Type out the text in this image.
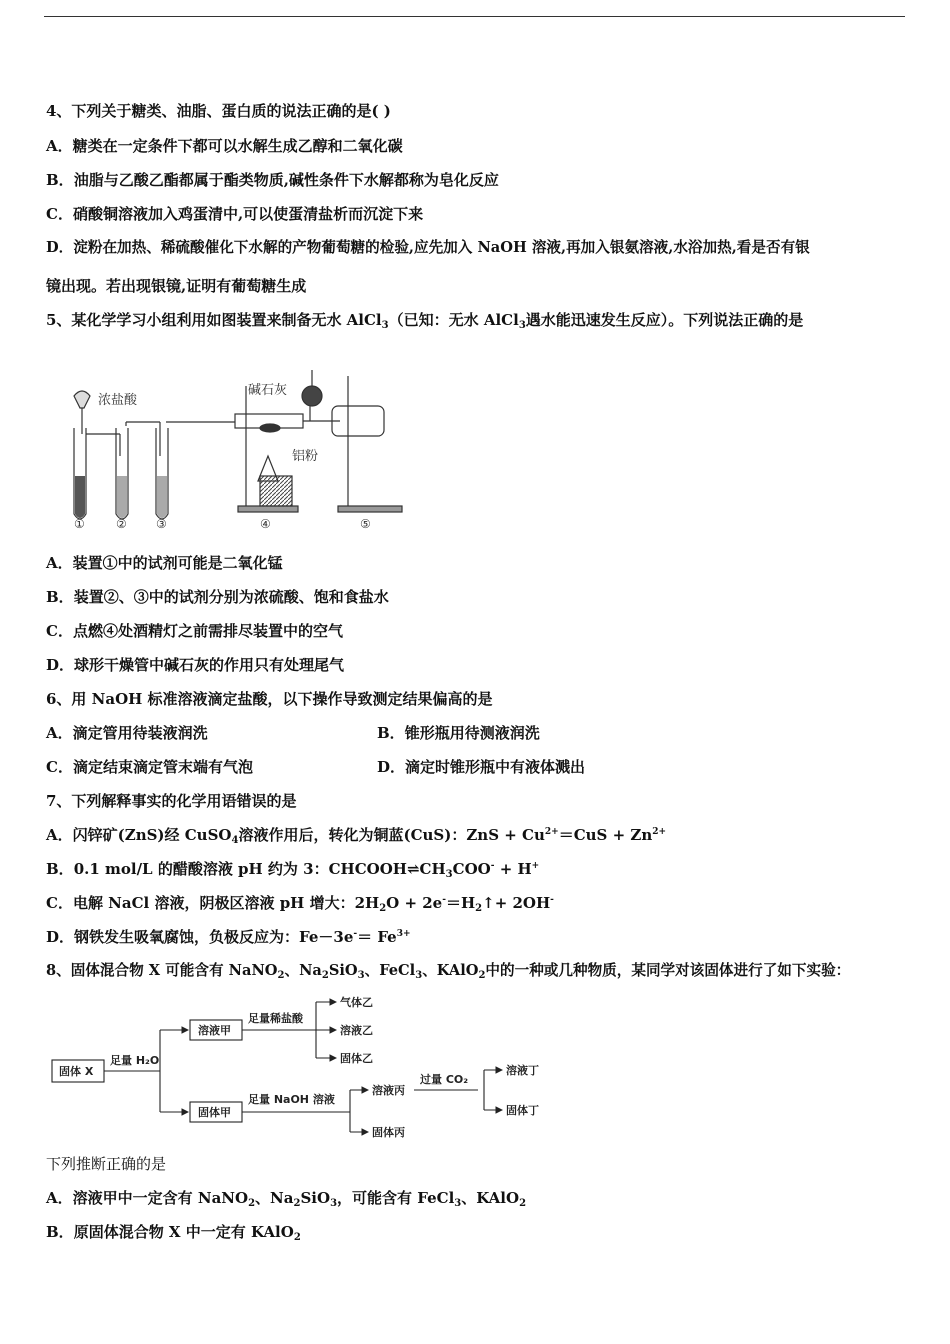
4、下列关于糖类、油脂、蛋白质的说法正确的是( )
A．糖类在一定条件下都可以水解生成乙醇和二氧化碳
B．油脂与乙酸乙酯都属于酯类物质,碱性条件下水解都称为皂化反应
C．硝酸铜溶液加入鸡蛋清中,可以使蛋清盐析而沉淀下来
D．淀粉在加热、稀硫酸催化下水解的产物葡萄糖的检验,应先加入 NaOH 溶液,再加入银氨溶液,水浴加热,看是否有银
镜出现。若出现银镜,证明有葡萄糖生成
5、某化学学习小组利用如图装置来制备无水 AlCl$_3$（已知：无水 AlCl$_3$遇水能迅速发生反应）。下列说法正确的是
浓盐酸
碱石灰
铝粉
①	② ③	④	⑤
A．装置①中的试剂可能是二氧化锰
B．装置②、③中的试剂分别为浓硫酸、饱和食盐水
C．点燃④处酒精灯之前需排尽装置中的空气
D．球形干燥管中碱石灰的作用只有处理尾气
6、用 NaOH 标准溶液滴定盐酸，以下操作导致测定结果偏高的是
A．滴定管用待装液润洗	B．锥形瓶用待测液润洗
C．滴定结束滴定管末端有气泡	D．滴定时锥形瓶中有液体溅出
7、下列解释事实的化学用语错误的是
A．闪锌矿(ZnS)经 CuSO$_4$溶液作用后，转化为铜蓝(CuS)：ZnS + $Cu^{2+}=CuS + Zn^{2+}$
B．0.1 mol/L 的醋酸溶液 pH 约为 3：$CHCOOH\rightleftharpoons CH_3COO^- + H^+$
C．电解 NaCl 溶液，阴极区溶液 pH 增大：$2H_2O$ + $2e^-=H_2↑+ 2OH^-$
D．钢铁发生吸氧腐蚀，负极反应为：$Fe-3e^-= Fe^{3+}$
8、固体混合物 X 可能含有 NaNO$_2$、$Na_2SiO_3$、FeCl$_3$、KAlO$_2$中的一种或几种物质，某同学对该固体进行了如下实验：
固体 X
足量 H₂O
溶液甲
固体甲
足量稀盐酸
气体乙
溶液乙
固体乙
足量 NaOH 溶液
溶液丙
固体丙
过量 CO₂
溶液丁
固体丁
下列推断正确的是
A．溶液甲中一定含有 NaNO$_2$、$Na_2SiO_3$，可能含有 FeCl$_3$、KAlO$_2$
B．原固体混合物 X 中一定有 KAlO$_2$
